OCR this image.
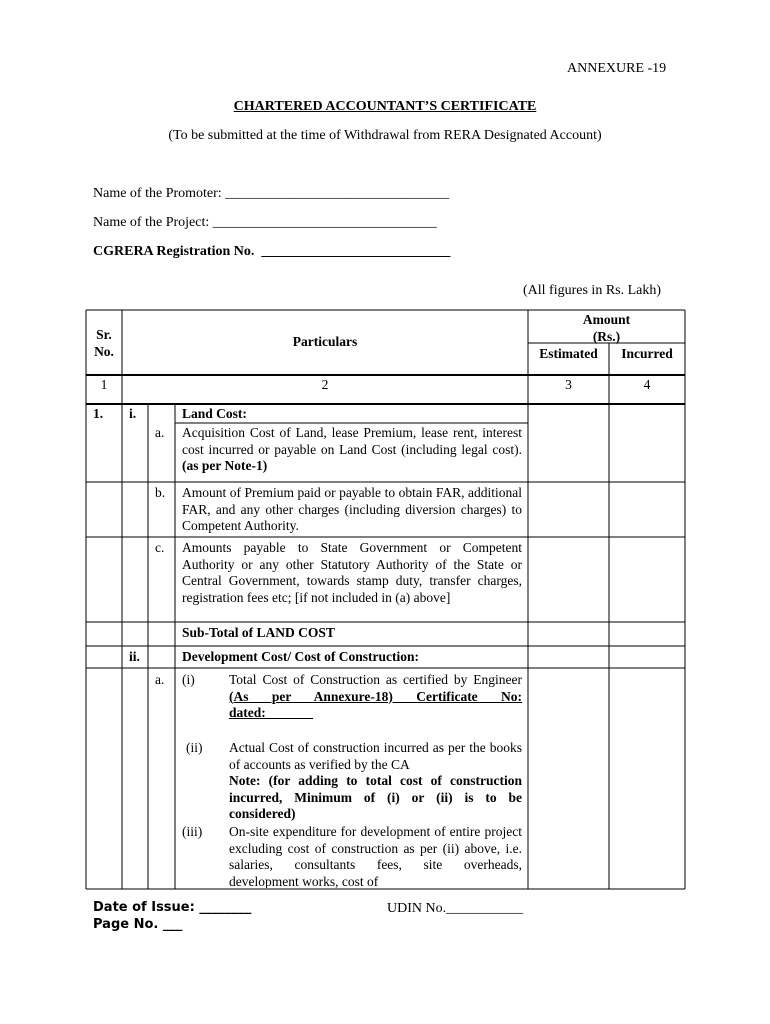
ANNEXURE -19
CHARTERED ACCOUNTANT’S CERTIFICATE
(To be submitted at the time of Withdrawal from RERA Designated Account)
Name of the Promoter: ________________________________
Name of the Project: ________________________________
CGRERA Registration No.  ___________________________
(All figures in Rs. Lakh)
Sr.
No.
Particulars
Amount
(Rs.)
Estimated	Incurred
1	2	3	4
1. i.	Land Cost:
a. Acquisition Cost of Land, lease Premium, lease rent, interest cost incurred or payable on Land Cost (including legal cost). (as per Note-1)
b. Amount of Premium paid or payable to obtain FAR, additional FAR, and any other charges (including diversion charges) to Competent Authority.
c. Amounts payable to State Government or Competent Authority or any other Statutory Authority of the State or Central Government, towards stamp duty, transfer charges, registration fees etc; [if not included in (a) above]
Sub-Total of LAND COST
ii.	Development Cost/ Cost of Construction:
a. (i)	Total Cost of Construction as certified by Engineer (As per Annexure-18) Certificate No: dated:_______
(ii) Actual Cost of construction incurred as per the books of accounts as verified by the CA
Note: (for adding to total cost of construction incurred, Minimum of (i) or (ii) is to be considered)
(iii) On-site expenditure for development of entire project excluding cost of construction as per (ii) above, i.e. salaries, consultants fees, site overheads, development works, cost of
Date of Issue: ________
Page No. ___
UDIN No.___________
